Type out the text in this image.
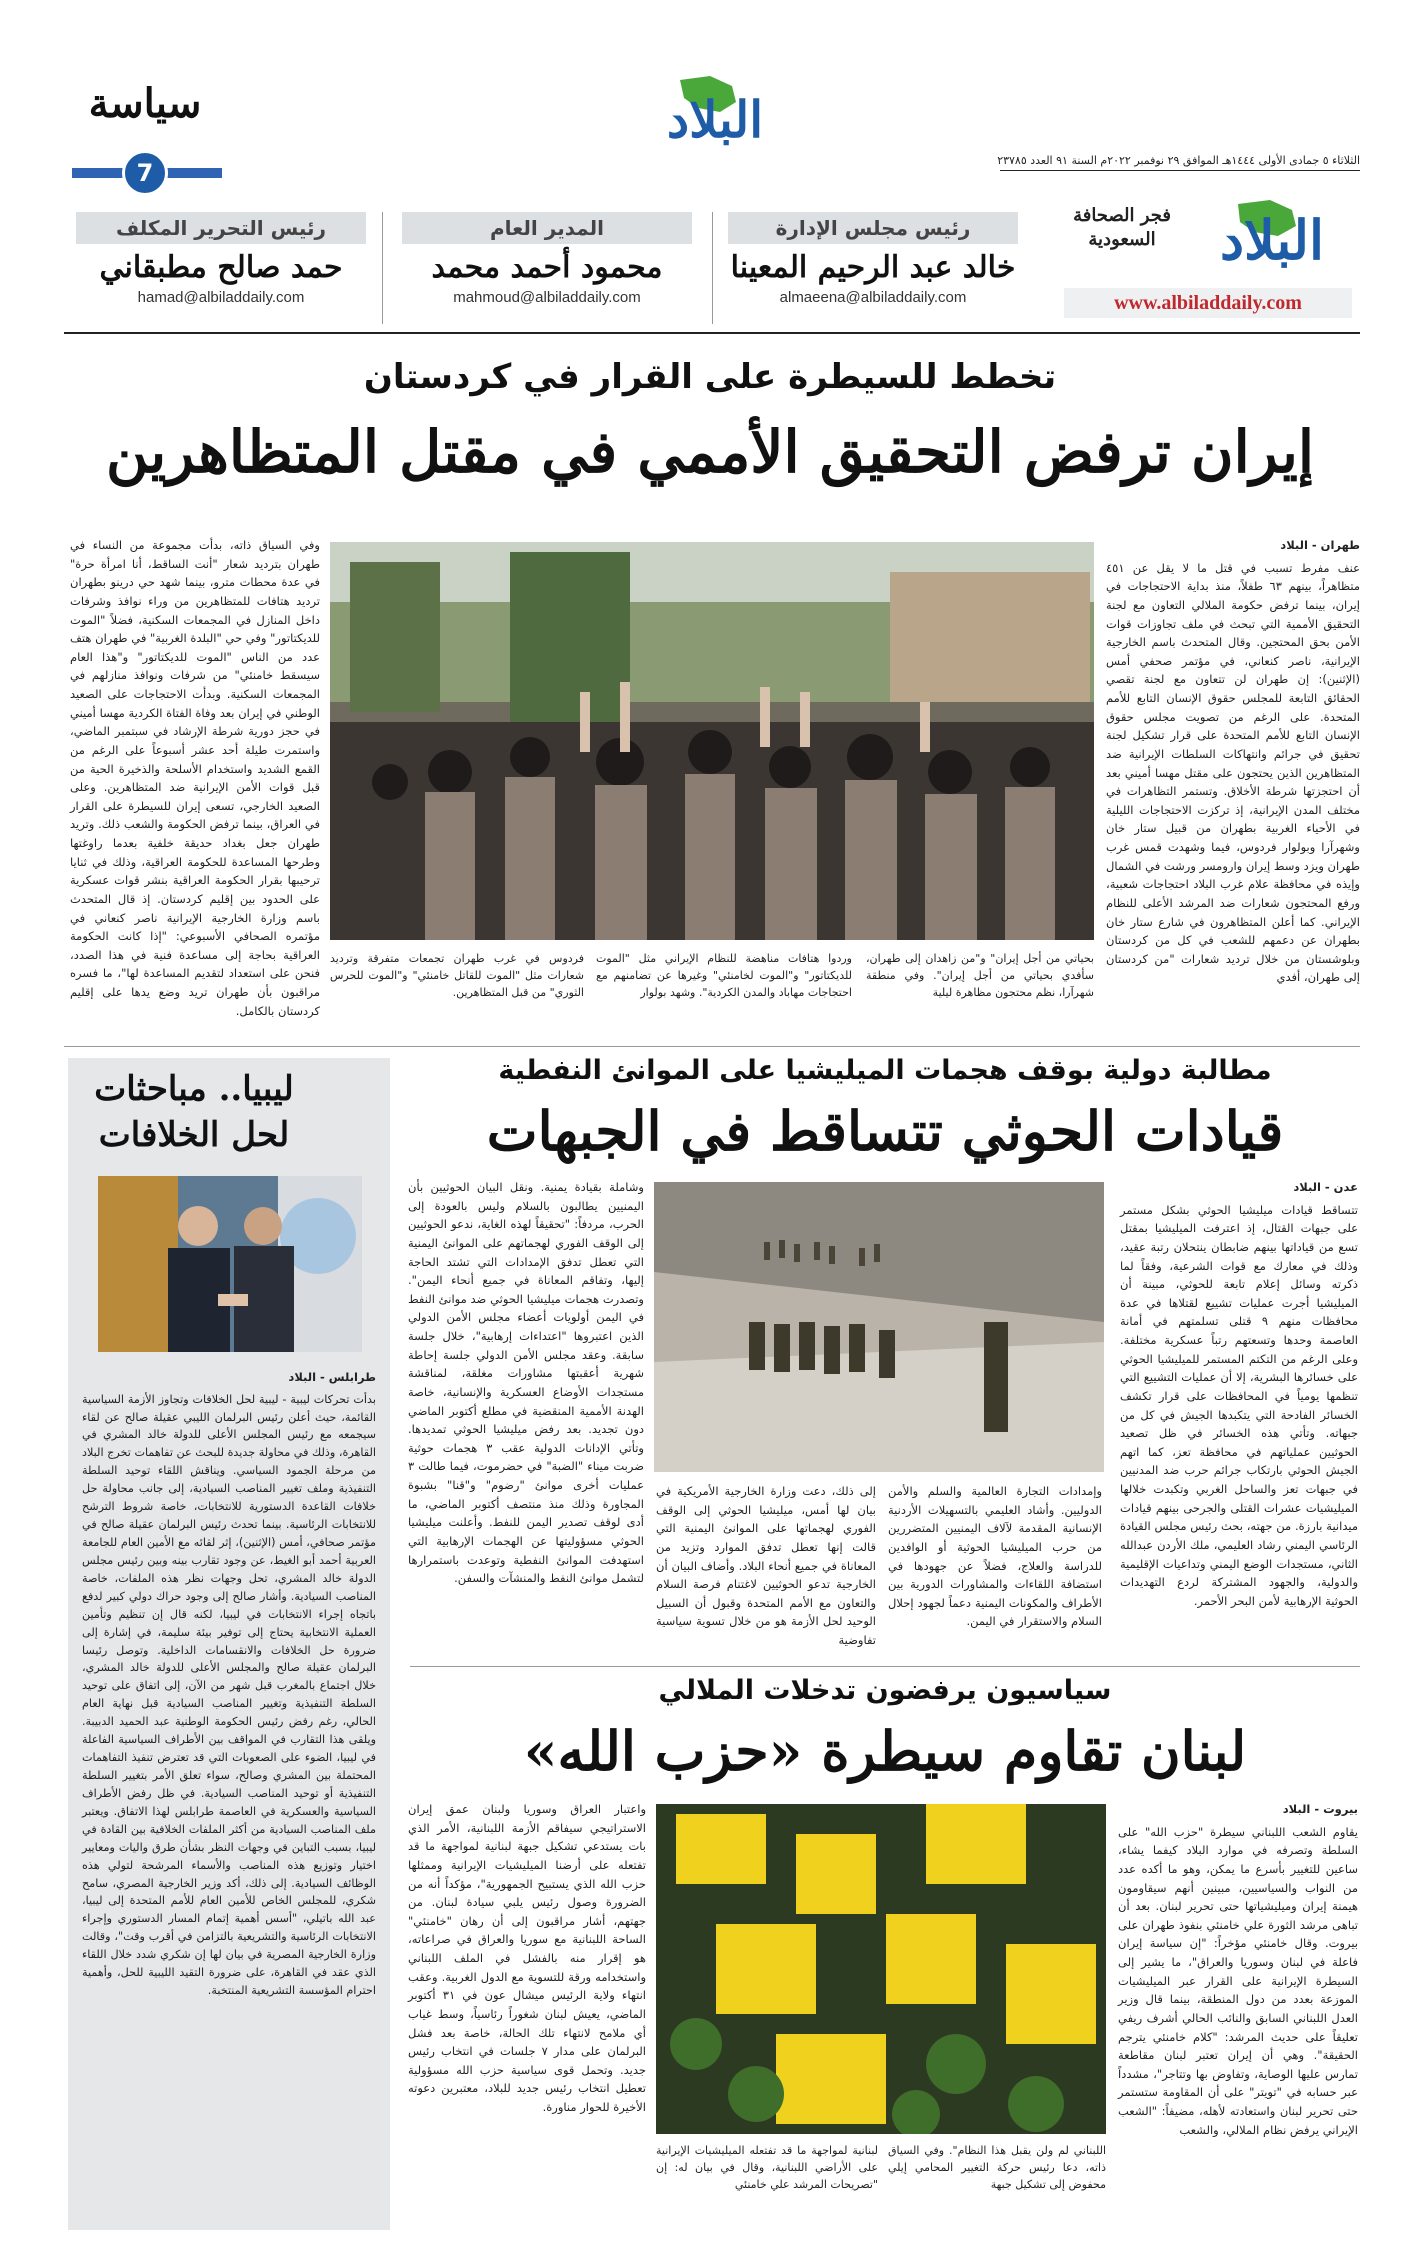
سياسة
7
البلاد
الثلاثاء ٥ جمادى الأولى ١٤٤٤هـ الموافق ٢٩ نوفمبر ٢٠٢٢م السنة ٩١ العدد ٢٣٧٨٥
رئيس مجلس الإدارة
خالد عبد الرحيم المعينا
almaeena@albiladdaily.com
المدير العام
محمود أحمد محمد
mahmoud@albiladdaily.com
رئيس التحرير المكلف
حمد صالح مطبقاني
hamad@albiladdaily.com
البلاد
فجر الصحافة السعودية
www.albiladdaily.com
تخطط للسيطرة على القرار في كردستان
إيران ترفض التحقيق الأممي في مقتل المتظاهرين

طهران - البلاد

عنف مفرط تسبب في قتل ما لا يقل عن ٤٥١ متظاهراً، بينهم ٦٣ طفلاً، منذ بداية الاحتجاجات في إيران، بينما ترفض حكومة الملالي التعاون مع لجنة التحقيق الأممية التي تبحث في ملف تجاوزات قوات الأمن بحق المحتجين. وقال المتحدث باسم الخارجية الإيرانية، ناصر كنعاني، في مؤتمر صحفي أمس (الإثنين): إن طهران لن تتعاون مع لجنة تقصي الحقائق التابعة للمجلس حقوق الإنسان التابع للأمم المتحدة. على الرغم من تصويت مجلس حقوق الإنسان التابع للأمم المتحدة على قرار تشكيل لجنة تحقيق في جرائم وانتهاكات السلطات الإيرانية ضد المتظاهرين الذين يحتجون على مقتل مهسا أميني بعد أن احتجزتها شرطة الأخلاق. وتستمر التظاهرات في مختلف المدن الإيرانية، إذ تركزت الاحتجاجات الليلية في الأحياء الغربية بطهران من قبيل ستار خان وشهرآرا وبولوار فردوس، فيما وشهدت قمس غرب طهران ويزد وسط إيران وارومسر ورشت في الشمال وإيذه في محافظة علام غرب البلاد احتجاجات شعبية، ورفع المحتجون شعارات ضد المرشد الأعلى للنظام الإيراني. كما أعلن المتظاهرون في شارع ستار خان بطهران عن دعمهم للشعب في كل من كردستان وبلوشستان من خلال ترديد شعارات "من كردستان إلى طهران، أفدي

وفي السياق ذاته، بدأت مجموعة من النساء في طهران بترديد شعار "أنت الساقط، أنا امرأة حرة" في عدة محطات مترو، بينما شهد حي درينو بطهران ترديد هتافات للمتظاهرين من وراء نوافذ وشرفات داخل المنازل في المجمعات السكنية، فضلاً "الموت للديكتاتور" وفي حي "البلدة الغربية" في طهران هتف عدد من الناس "الموت للديكتاتور" و"هذا العام سيسقط خامنئي" من شرفات ونوافذ منازلهم في المجمعات السكنية. وبدأت الاحتجاجات على الصعيد الوطني في إيران بعد وفاة الفتاة الكردية مهسا أميني في حجز دورية شرطة الإرشاد في سبتمبر الماضي، واستمرت طيلة أحد عشر أسبوعاً على الرغم من القمع الشديد واستخدام الأسلحة والذخيرة الحية من قبل قوات الأمن الإيرانية ضد المتظاهرين. وعلى الصعيد الخارجي، تسعى إيران للسيطرة على القرار في العراق، بينما ترفض الحكومة والشعب ذلك. وتريد طهران جعل بغداد حديقة خلفية بعدما راوغتها وطرحها المساعدة للحكومة العراقية، وذلك في ثنايا ترحيبها بقرار الحكومة العراقية بنشر قوات عسكرية على الحدود بين إقليم كردستان. إذ قال المتحدث باسم وزارة الخارجية الإيرانية ناصر كنعاني في مؤتمره الصحافي الأسبوعي: "إذا كانت الحكومة العراقية بحاجة إلى مساعدة فنية في هذا الصدد، فنحن على استعداد لتقديم المساعدة لها"، ما فسره مراقبون بأن طهران تريد وضع يدها على إقليم كردستان بالكامل.
بحياتي من أجل إيران" و"من زاهدان إلى طهران، سأفدي بحياتي من أجل إيران". وفي منطقة شهرآرا، نظم محتجون مظاهرة ليلية
وردوا هتافات مناهضة للنظام الإيراني مثل "الموت للديكتاتور" و"الموت لخامنئي" وغيرها عن تضامنهم مع احتجاجات مهاباد والمدن الكردية". وشهد بولوار
فردوس في غرب طهران تجمعات متفرقة وترديد شعارات مثل "الموت للقاتل خامنئي" و"الموت للحرس الثوري" من قبل المتظاهرين.
ليبيا.. مباحثات لحل الخلافات

طرابلس - البلاد

بدأت تحركات ليبية - ليبية لحل الخلافات وتجاوز الأزمة السياسية القائمة، حيث أعلن رئيس البرلمان الليبي عقيلة صالح عن لقاء سيجمعه مع رئيس المجلس الأعلى للدولة خالد المشري في القاهرة، وذلك في محاولة جديدة للبحث عن تفاهمات تخرج البلاد من مرحلة الجمود السياسي. ويناقش اللقاء توحيد السلطة التنفيذية وملف تغيير المناصب السيادية، إلى جانب محاولة حل خلافات القاعدة الدستورية للانتخابات، خاصة شروط الترشح للانتخابات الرئاسية. بينما تحدث رئيس البرلمان عقيلة صالح في مؤتمر صحافي، أمس (الإثنين)، إثر لقائه مع الأمين العام للجامعة العربية أحمد أبو الغيط، عن وجود تقارب بينه وبين رئيس مجلس الدولة خالد المشري، تحل وجهات نظر هذه الملفات، خاصة المناصب السيادية. وأشار صالح إلى وجود حراك دولي كبير لدفع باتجاه إجراء الانتخابات في ليبيا، لكنه قال إن تنظيم وتأمين العملية الانتخابية يحتاج إلى توفير بيئة سليمة، في إشارة إلى ضرورة حل الخلافات والانقسامات الداخلية. وتوصل رئيسا البرلمان عقيلة صالح والمجلس الأعلى للدولة خالد المشري، خلال اجتماع بالمغرب قبل شهر من الآن، إلى اتفاق على توحيد السلطة التنفيذية وتغيير المناصب السيادية قبل نهاية العام الحالي، رغم رفض رئيس الحكومة الوطنية عبد الحميد الدبيبة. ويلقى هذا التقارب في المواقف بين الأطراف السياسية الفاعلة في ليبيا، الضوء على الصعوبات التي قد تعترض تنفيذ التفاهمات المحتملة بين المشري وصالح، سواء تعلق الأمر بتغيير السلطة التنفيذية أو توحيد المناصب السيادية. في ظل رفض الأطراف السياسية والعسكرية في العاصمة طرابلس لهذا الاتفاق. ويعتبر ملف المناصب السيادية من أكثر الملفات الخلافية بين القادة في ليبيا، بسبب التباين في وجهات النظر بشأن طرق واليات ومعايير اختيار وتوزيع هذه المناصب والأسماء المرشحة لتولي هذه الوظائف السيادية. إلى ذلك، أكد وزير الخارجية المصري، سامح شكري، للمجلس الخاص للأمين العام للأمم المتحدة إلى ليبيا، عبد الله باتيلي، "أسس أهمية إتمام المسار الدستوري وإجراء الانتخابات الرئاسية والتشريعية بالتزامن في أقرب وقت"، وقالت وزارة الخارجية المصرية في بيان لها إن شكري شدد خلال اللقاء الذي عقد في القاهرة، على ضرورة التقيد الليبية للحل، وأهمية احترام المؤسسة التشريعية المنتخبة.

مطالبة دولية بوقف هجمات الميليشيا على الموانئ النفطية
قيادات الحوثي تتساقط في الجبهات

عدن - البلاد

تتساقط قيادات ميليشيا الحوثي بشكل مستمر على جبهات القتال، إذ اعترفت الميليشيا بمقتل تسع من قياداتها بينهم ضابطان ينتحلان رتبة عقيد، وذلك في معارك مع قوات الشرعية، وفقاً لما ذكرته وسائل إعلام تابعة للحوثي، مبينة أن الميليشيا أجرت عمليات تشييع لقتلاها في عدة محافظات منهم ٩ قتلى تسلمتهم في أمانة العاصمة وحدها وتسعتهم رتباً عسكرية مختلفة. وعلى الرغم من التكتم المستمر للميليشيا الحوثي على خسائرها البشرية، إلا أن عمليات التشييع التي تنظمها يومياً في المحافظات على قرار تكشف الخسائر الفادحة التي يتكبدها الجيش في كل من جبهاته. وتأتي هذه الخسائر في ظل تصعيد الحوثيين عملياتهم في محافظة تعز، كما اتهم الجيش الحوثي بارتكاب جرائم حرب ضد المدنيين في جبهات تعز والساحل الغربي وتكبدت خلالها الميليشيات عشرات القتلى والجرحى بينهم قيادات ميدانية بارزة. من جهته، بحث رئيس مجلس القيادة الرئاسي اليمني رشاد العليمي، ملك الأردن عبدالله الثاني، مستجدات الوضع اليمني وتداعيات الإقليمية والدولية، والجهود المشتركة لردع التهديدات الحوثية الإرهابية لأمن البحر الأحمر.

وإمدادات التجارة العالمية والسلم والأمن الدوليين. وأشاد العليمي بالتسهيلات الأردنية الإنسانية المقدمة لآلاف اليمنيين المتضررين من حرب الميليشيا الحوثية أو الوافدين للدراسة والعلاج، فضلاً عن جهودها في استضافة اللقاءات والمشاورات الدورية بين الأطراف والمكونات اليمنية دعماً لجهود إحلال السلام والاستقرار في اليمن.
إلى ذلك، دعت وزارة الخارجية الأمريكية في بيان لها أمس، ميليشيا الحوثي إلى الوقف الفوري لهجماتها على الموانئ اليمنية التي قالت إنها تعطل تدفق الموارد وتزيد من المعاناة في جميع أنحاء البلاد. وأضاف البيان أن الخارجية تدعو الحوثيين لاغتنام فرصة السلام والتعاون مع الأمم المتحدة وقبول أن السبيل الوحيد لحل الأزمة هو من خلال تسوية سياسية تفاوضية
وشاملة بقيادة يمنية. ونقل البيان الحوثيين بأن اليمنيين يطالبون بالسلام وليس بالعودة إلى الحرب، مردفاً: "تحقيقاً لهذه الغاية، ندعو الحوثيين إلى الوقف الفوري لهجماتهم على الموانئ اليمنية التي تعطل تدفق الإمدادات التي تشتد الحاجة إليها، وتفاقم المعاناة في جميع أنحاء اليمن". وتصدرت هجمات ميليشيا الحوثي ضد موانئ النفط في اليمن أولويات أعضاء مجلس الأمن الدولي الذين اعتبروها "اعتداءات إرهابية"، خلال جلسة سابقة. وعقد مجلس الأمن الدولي جلسة إحاطة شهرية أعقبتها مشاورات مغلقة، لمناقشة مستجدات الأوضاع العسكرية والإنسانية، خاصة الهدنة الأممية المنقضية في مطلع أكتوبر الماضي دون تجديد. بعد رفض ميليشيا الحوثي تمديدها. وتأتي الإدانات الدولية عقب ٣ هجمات حوثية ضربت ميناء "الضبة" في حضرموت، فيما طالت ٣ عمليات أخرى موانئ "رضوم" و"قنا" بشبوة المجاورة وذلك منذ منتصف أكتوبر الماضي، ما أدى لوقف تصدير اليمن للنفط. وأعلنت ميليشيا الحوثي مسؤوليتها عن الهجمات الإرهابية التي استهدفت الموانئ النفطية وتوعدت باستمرارها لتشمل موانئ النفط والمنشآت والسفن.
سياسيون يرفضون تدخلات الملالي
لبنان تقاوم سيطرة «حزب الله»

بيروت - البلاد

يقاوم الشعب اللبناني سيطرة "حزب الله" على السلطة وتصرفه في موارد البلاد كيفما يشاء، ساعين للتغيير بأسرع ما يمكن، وهو ما أكده عدد من النواب والسياسيين، مبينين أنهم سيقاومون هيمنة إيران وميليشياتها حتى تحرير لبنان. بعد أن تباهى مرشد الثورة علي خامنئي بنفوذ طهران على بيروت. وقال خامنئي مؤخراً: "إن سياسة إيران فاعلة في لبنان وسوريا والعراق"، ما يشير إلى السيطرة الإيرانية على القرار عبر الميليشيات الموزعة بعدد من دول المنطقة، بينما قال وزير العدل اللبناني السابق والنائب الحالي أشرف ريفي تعليقاً على حديث المرشد: "كلام خامنئي يترجم الحقيقة". وهي أن إيران تعتبر لبنان مقاطعة تمارس عليها الوصاية، وتفاوض بها وتتاجر"، مشدداً عبر حسابه في "تويتر" على أن المقاومة ستستمر حتى تحرير لبنان واستعادته لأهله، مضيفاً: "الشعب الإيراني يرفض نظام الملالي، والشعب

اللبناني لم ولن يقبل هذا النظام". وفي السياق ذاته، دعا رئيس حركة التغيير المحامي إيلي محفوض إلى تشكيل جبهة
لبنانية لمواجهة ما قد تفتعله الميليشيات الإيرانية على الأراضي اللبنانية، وقال في بيان له: إن "تصريحات المرشد علي خامنئي
واعتبار العراق وسوريا ولبنان عمق إيران الاستراتيجي سيفاقم الأزمة اللبنانية، الأمر الذي بات يستدعي تشكيل جبهة لبنانية لمواجهة ما قد تفتعله على أرضنا الميليشيات الإيرانية وممثلها حزب الله الذي يستبيح الجمهورية"، مؤكداً أنه من الضرورة وصول رئيس يلبي سيادة لبنان. من جهتهم، أشار مراقبون إلى أن رهان "خامنئي" الساحة اللبنانية مع سوريا والعراق في صراعاته، هو إقرار منه بالفشل في الملف اللبناني واستخدامه ورقة للتسوية مع الدول الغربية. وعقب انتهاء ولاية الرئيس ميشال عون في ٣١ أكتوبر الماضي، يعيش لبنان شغوراً رئاسياً، وسط غياب أي ملامح لانتهاء تلك الحالة، خاصة بعد فشل البرلمان على مدار ٧ جلسات في انتخاب رئيس جديد. وتحمل قوى سياسية حزب الله مسؤولية تعطيل انتخاب رئيس جديد للبلاد، معتبرين دعوته الأخيرة للحوار مناورة.
